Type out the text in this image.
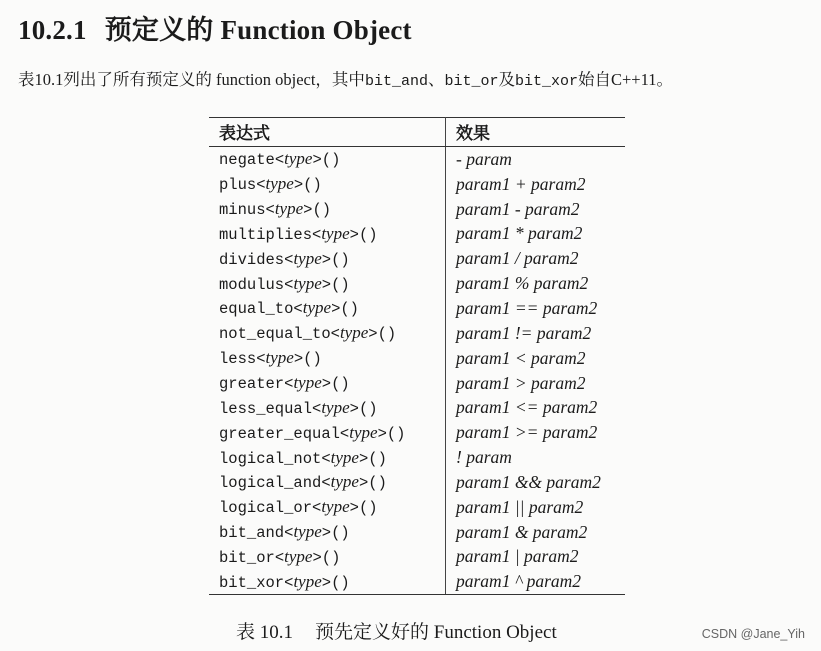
10.2.1 预定义的 Function Object
表10.1列出了所有预定义的 function object，其中bit_and、bit_or及bit_xor始自C++11。
表达式	效果
negate<type>()	- param
plus<type>()	param1 + param2
minus<type>()	param1 - param2
multiplies<type>()	param1 * param2
divides<type>()	param1 / param2
modulus<type>()	param1 % param2
equal_to<type>()	param1 == param2
not_equal_to<type>()	param1 != param2
less<type>()	param1 < param2
greater<type>()	param1 > param2
less_equal<type>()	param1 <= param2
greater_equal<type>()	param1 >= param2
logical_not<type>()	! param
logical_and<type>()	param1 && param2
logical_or<type>()	param1 || param2
bit_and<type>()	param1 & param2
bit_or<type>()	param1 | param2
bit_xor<type>()	param1 ^ param2
表 10.1 预先定义好的 Function Object	CSDN @Jane_Yih
